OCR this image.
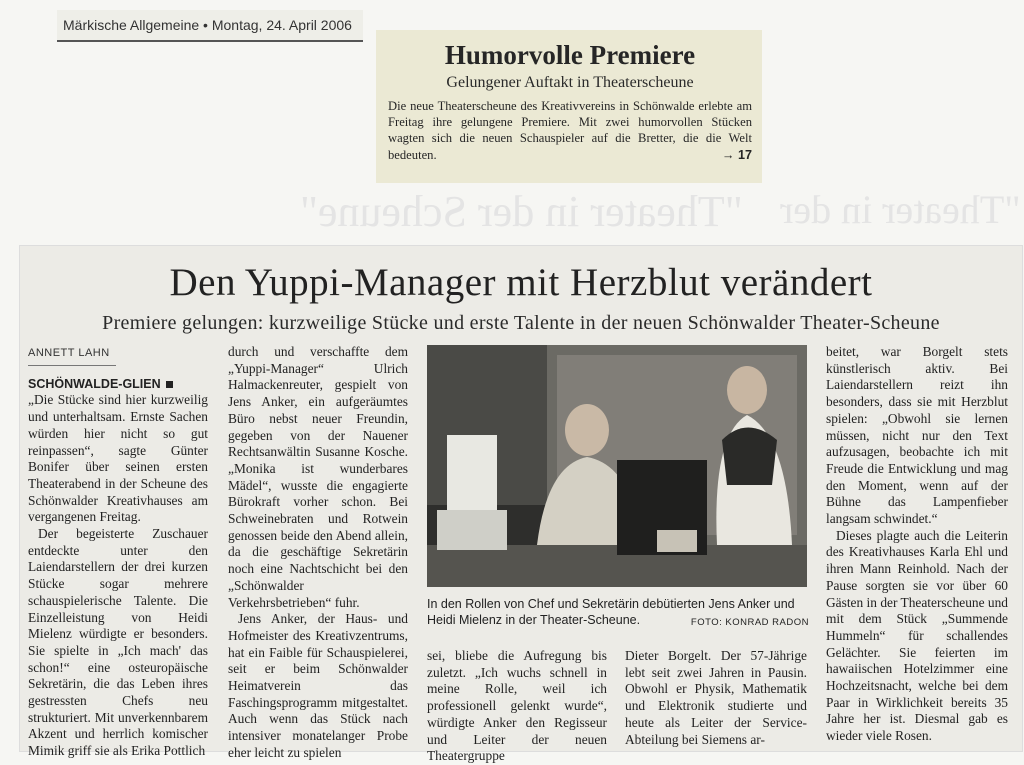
"Theater in der Scheune" "Theater in der
Märkische Allgemeine • Montag, 24. April 2006
Humorvolle Premiere
Gelungener Auftakt in Theaterscheune
Die neue Theaterscheune des Kreativvereins in Schönwalde erlebte am Freitag ihre gelungene Premiere. Mit zwei humorvollen Stücken wagten sich die neuen Schauspieler auf die Bretter, die die Welt bedeuten.	→ 17
Den Yuppi-Manager mit Herzblut verändert
Premiere gelungen: kurzweilige Stücke und erste Talente in der neuen Schönwalder Theater-Scheune
ANNETT LAHN
SCHÖNWALDE-GLIEN

„Die Stücke sind hier kurzweilig und unterhaltsam. Ernste Sachen würden hier nicht so gut reinpassen“, sagte Günter Bonifer über seinen ersten Theaterabend in der Scheune des Schönwalder Kreativhauses am vergangenen Freitag.

Der begeisterte Zuschauer entdeckte unter den Laiendarstellern der drei kurzen Stücke sogar mehrere schauspielerische Talente. Die Einzelleistung von Heidi Mielenz würdigte er besonders. Sie spielte in „Ich mach' das schon!“ eine osteuropäische Sekretärin, die das Leben ihres gestressten Chefs neu strukturiert. Mit unverkennbarem Akzent und herrlich komischer Mimik griff sie als Erika Pottlich

durch und verschaffte dem „Yuppi-Manager“ Ulrich Halmackenreuter, gespielt von Jens Anker, ein aufgeräumtes Büro nebst neuer Freundin, gegeben von der Nauener Rechtsanwältin Susanne Kosche. „Monika ist wunderbares Mädel“, wusste die engagierte Bürokraft vorher schon. Bei Schweinebraten und Rotwein genossen beide den Abend allein, da die geschäftige Sekretärin noch eine Nachtschicht bei den „Schönwalder Verkehrsbetrieben“ fuhr.

Jens Anker, der Haus- und Hofmeister des Kreativzentrums, hat ein Faible für Schauspielerei, seit er beim Schönwalder Heimatverein das Faschingsprogramm mitgestaltet. Auch wenn das Stück nach intensiver monatelanger Probe eher leicht zu spielen

In den Rollen von Chef und Sekretärin debütierten Jens Anker und Heidi Mielenz in der Theater-Scheune.	FOTO: KONRAD RADON

sei, bliebe die Aufregung bis zuletzt. „Ich wuchs schnell in meine Rolle, weil ich professionell gelenkt wurde“, würdigte Anker den Regisseur und Leiter der neuen Theatergruppe

Dieter Borgelt. Der 57-Jährige lebt seit zwei Jahren in Pausin. Obwohl er Physik, Mathematik und Elektronik studierte und heute als Leiter der Service-Abteilung bei Siemens ar-

beitet, war Borgelt stets künstlerisch aktiv. Bei Laiendarstellern reizt ihn besonders, dass sie mit Herzblut spielen: „Obwohl sie lernen müssen, nicht nur den Text aufzusagen, beobachte ich mit Freude die Entwicklung und mag den Moment, wenn auf der Bühne das Lampenfieber langsam schwindet.“

Dieses plagte auch die Leiterin des Kreativhauses Karla Ehl und ihren Mann Reinhold. Nach der Pause sorgten sie vor über 60 Gästen in der Theaterscheune und mit dem Stück „Summende Hummeln“ für schallendes Gelächter. Sie feierten im hawaiischen Hotelzimmer eine Hochzeitsnacht, welche bei dem Paar in Wirklichkeit bereits 35 Jahre her ist. Diesmal gab es wieder viele Rosen.
